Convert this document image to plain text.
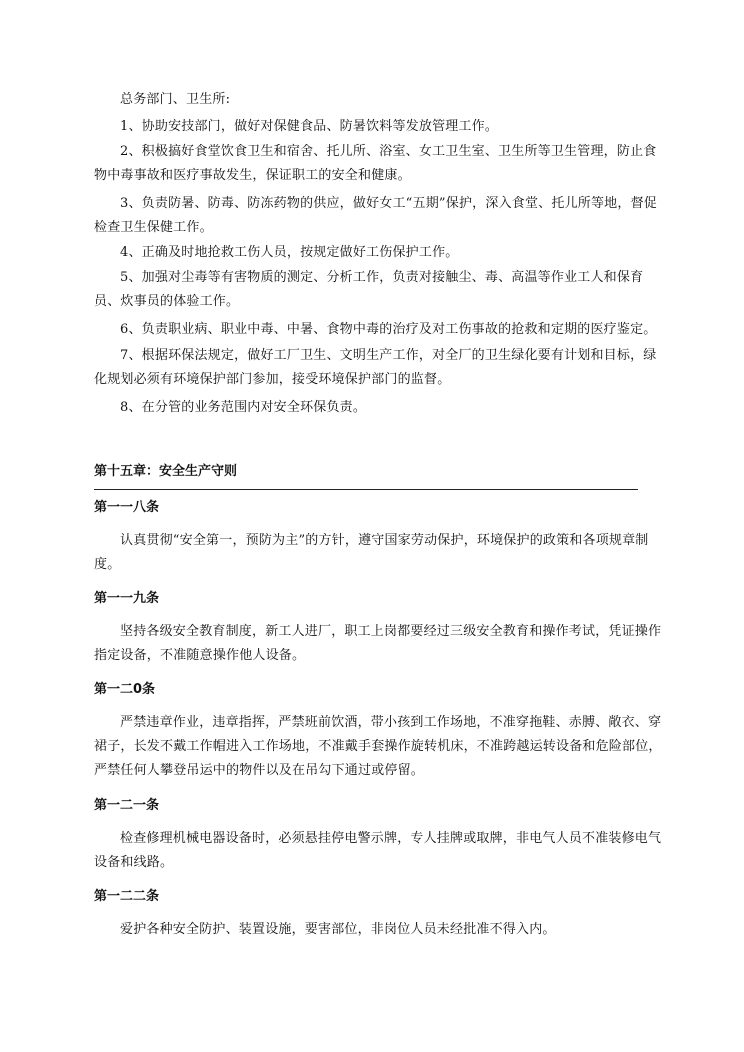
总务部门、卫生所:

1、协助安技部门，做好对保健食品、防暑饮料等发放管理工作。

2、积极搞好食堂饮食卫生和宿舍、托儿所、浴室、女工卫生室、卫生所等卫生管理，防止食物中毒事故和医疗事故发生，保证职工的安全和健康。

3、负责防暑、防毒、防冻药物的供应，做好女工“五期”保护，深入食堂、托儿所等地，督促检查卫生保健工作。

4、正确及时地抢救工伤人员，按规定做好工伤保护工作。

5、加强对尘毒等有害物质的测定、分析工作，负责对接触尘、毒、高温等作业工人和保育员、炊事员的体验工作。

6、负责职业病、职业中毒、中暑、食物中毒的治疗及对工伤事故的抢救和定期的医疗鉴定。

7、根据环保法规定，做好工厂卫生、文明生产工作，对全厂的卫生绿化要有计划和目标，绿化规划必须有环境保护部门参加，接受环境保护部门的监督。

8、在分管的业务范围内对安全环保负责。

第十五章：安全生产守则

第一一八条

认真贯彻“安全第一，预防为主”的方针，遵守国家劳动保护，环境保护的政策和各项规章制度。

第一一九条

坚持各级安全教育制度，新工人进厂，职工上岗都要经过三级安全教育和操作考试，凭证操作指定设备，不准随意操作他人设备。

第一二0条

严禁违章作业，违章指挥，严禁班前饮酒，带小孩到工作场地，不准穿拖鞋、赤膊、敞衣、穿裙子，长发不戴工作帽进入工作场地，不准戴手套操作旋转机床，不准跨越运转设备和危险部位，严禁任何人攀登吊运中的物件以及在吊勾下通过或停留。

第一二一条

检查修理机械电器设备时，必须悬挂停电警示牌，专人挂牌或取牌，非电气人员不准装修电气设备和线路。

第一二二条

爱护各种安全防护、装置设施，要害部位，非岗位人员未经批准不得入内。
